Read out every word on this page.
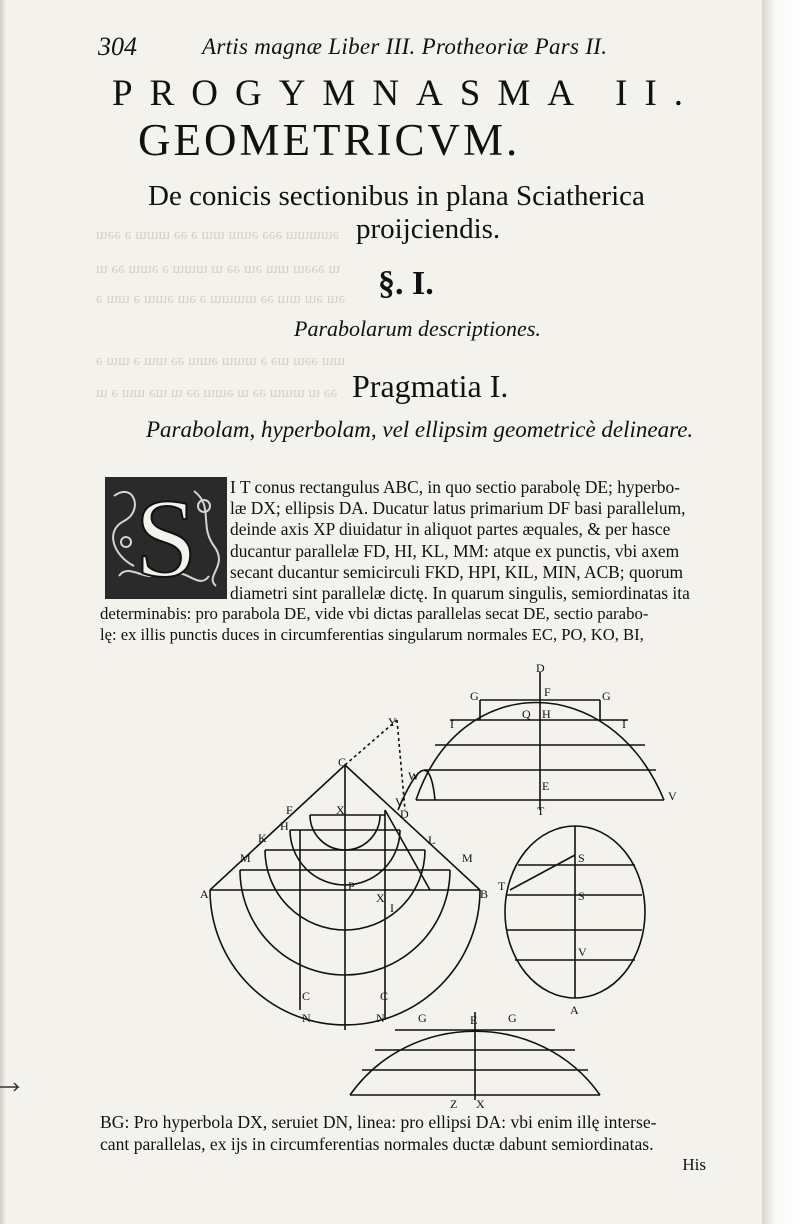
ǝɯɯɯɯ ǝǝǝ ǝɯɯ ɯɯ ǝ ǝǝ ɯɯɯ ǝ ǝǝɯ
ɯ ǝǝǝɯ ɯɯ ǝɯ ǝǝ ɯ ɯɯɯ ǝ ǝɯɯ ǝǝ ɯ
ǝɯ ǝɯ ɯɯ ǝǝ ɯɯɯɯ ǝ ǝɯ ǝɯɯ ǝ ɯɯ ǝ
ɯɯ ǝǝɯ ɯǝ ǝ ɯɯɯ ǝɯɯ ǝǝ ɯɯ ǝ ɯɯ ǝ
ǝǝ ɯ ɯɯɯ ǝǝ ɯ ǝɯɯ ǝǝ ɯ ɯǝ ɯɯ ǝ ɯ
304	Artis magnæ Liber III. Protheoriæ Pars II.
PROGYMNASMA II.
GEOMETRICVM.
De conicis sectionibus in plana Sciatherica
proijciendis.
§. I.
Parabolarum descriptiones.
Pragmatia I.
Parabolam, hyperbolam, vel ellipsim geometricè delineare.
S I T conus rectangulus ABC, in quo sectio parabolę DE; hyperbo-
læ DX; ellipsis DA. Ducatur latus primarium DF basi parallelum,
deinde axis XP diuidatur in aliquot partes æquales, & per hasce
ducantur parallelæ FD, HI, KL, MM: atque ex punctis, vbi axem
secant ducantur semicirculi FKD, HPI, KIL, MIN, ACB; quorum
diametri sint parallelæ dictę. In quarum singulis, semiordinatas ita
determinabis: pro parabola DE, vide vbi dictas parallelas secat DE, sectio parabo-
lę: ex illis punctis duces in circumferentias singularum normales EC, PO, KO, BI,
D
G	F	G
Q H
I	I
V
E
T
Y
C
W
F	X
V
D
H
K	L
M	M
A
P
B
I
X
C	C
N	N	G	E	G
A
S
T
V
Z X
S
BG: Pro hyperbola DX, seruiet DN, linea: pro ellipsi DA: vbi enim illę interse-
cant parallelas, ex ijs in circumferentias normales ductæ dabunt semiordinatas.
His
